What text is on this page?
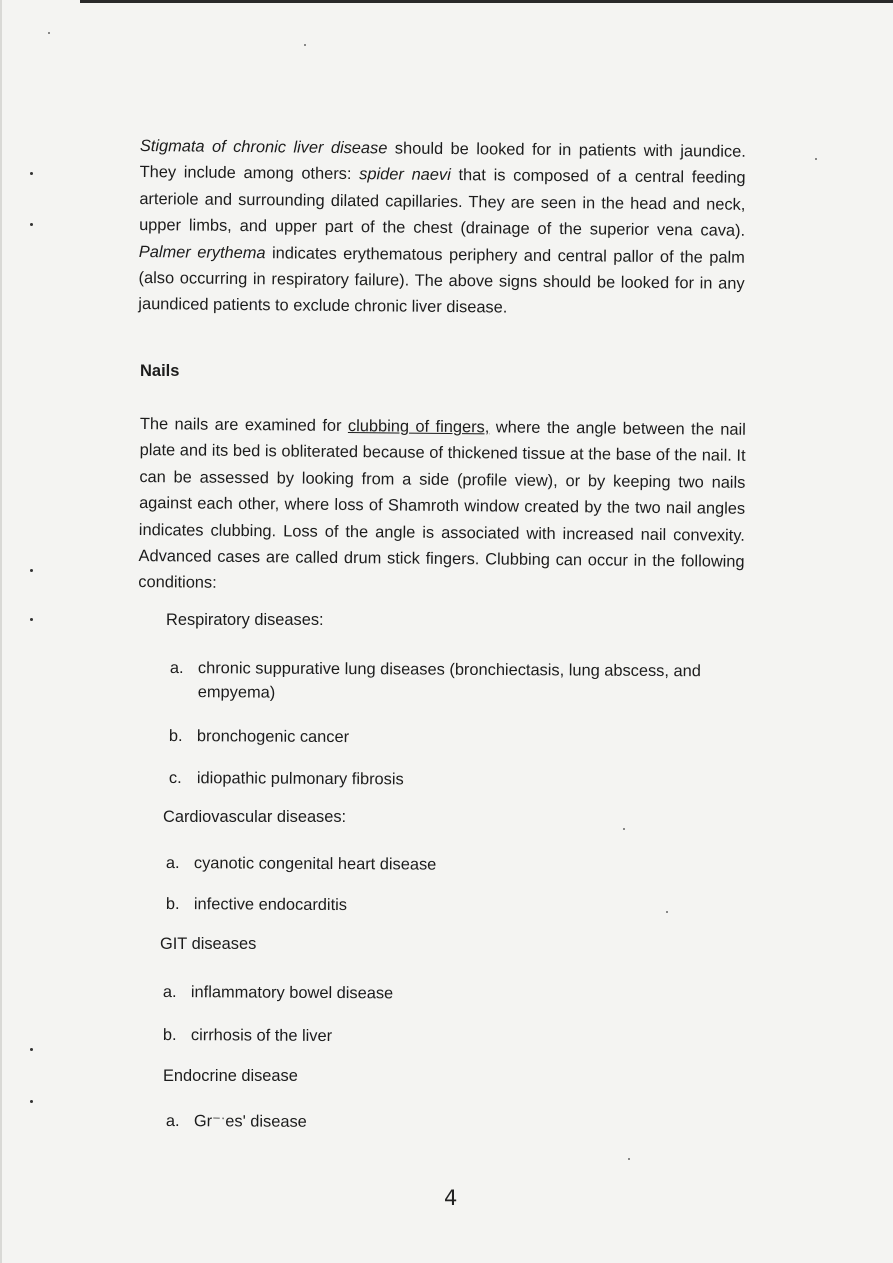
Stigmata of chronic liver disease should be looked for in patients with jaundice. They include among others: spider naevi that is composed of a central feeding arteriole and surrounding dilated capillaries. They are seen in the head and neck, upper limbs, and upper part of the chest (drainage of the superior vena cava). Palmer erythema indicates erythematous periphery and central pallor of the palm (also occurring in respiratory failure). The above signs should be looked for in any jaundiced patients to exclude chronic liver disease.

Nails

The nails are examined for clubbing of fingers, where the angle between the nail plate and its bed is obliterated because of thickened tissue at the base of the nail. It can be assessed by looking from a side (profile view), or by keeping two nails against each other, where loss of Shamroth window created by the two nail angles indicates clubbing. Loss of the angle is associated with increased nail convexity. Advanced cases are called drum stick fingers. Clubbing can occur in the following conditions:

Respiratory diseases:

a. chronic suppurative lung diseases (bronchiectasis, lung abscess, and
empyema)

b. bronchogenic cancer

c. idiopathic pulmonary fibrosis

Cardiovascular diseases:

a. cyanotic congenital heart disease

b. infective endocarditis

GIT diseases

a. inflammatory bowel disease

b. cirrhosis of the liver

Endocrine disease

a. Gr⁻ˑes' disease

4
